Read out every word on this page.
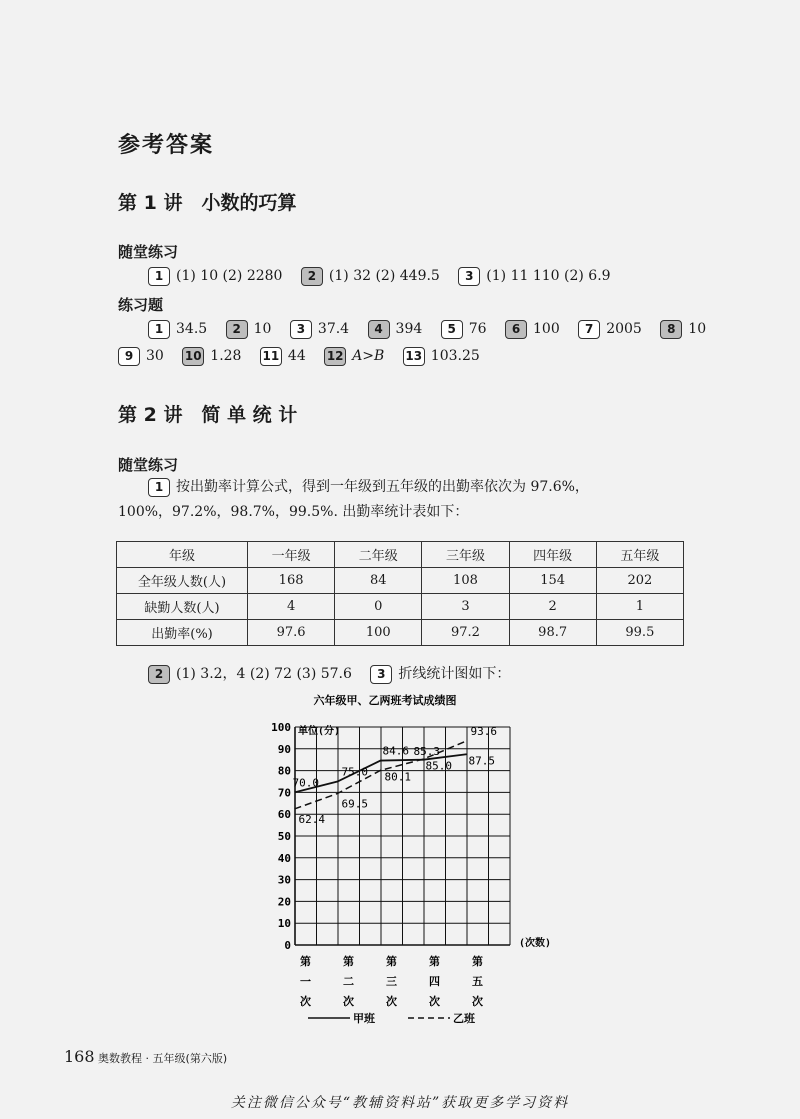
参考答案
第 1 讲　小数的巧算
随堂练习
1 (1) 10 (2) 2280 2 (1) 32 (2) 449.5 3 (1) 11 110 (2) 6.9
练习题
1 34.5 2 10 3 37.4 4 394 5 76 6 100 7 2005 8 10
9 30 10 1.28 11 44 12 A>B 13 103.25
第 2 讲　简 单 统 计
随堂练习
1 按出勤率计算公式，得到一年级到五年级的出勤率依次为 97.6%，
100%，97.2%，98.7%，99.5%. 出勤率统计表如下：
年级	一年级	二年级	三年级	四年级	五年级
全年级人数(人)	168	84	108	154	202
缺勤人数(人)	4	0	3	2	1
出勤率(%)	97.6	100	97.2	98.7	99.5
2 (1) 3.2，4 (2) 72 (3) 57.6 3 折线统计图如下：
六年级甲、乙两班考试成绩图
单位(分)
(次数)
0
10
20
30
40
50
60
70
80
90
100
第一次
第二次
第三次
第四次
第五次
70.0
75.0
84.6
85.0 87.5
62.4
69.5
80.1
85.3
93.6
甲班	乙班
168 奥数教程 · 五年级(第六版)
关注微信公众号“教辅资料站”获取更多学习资料
